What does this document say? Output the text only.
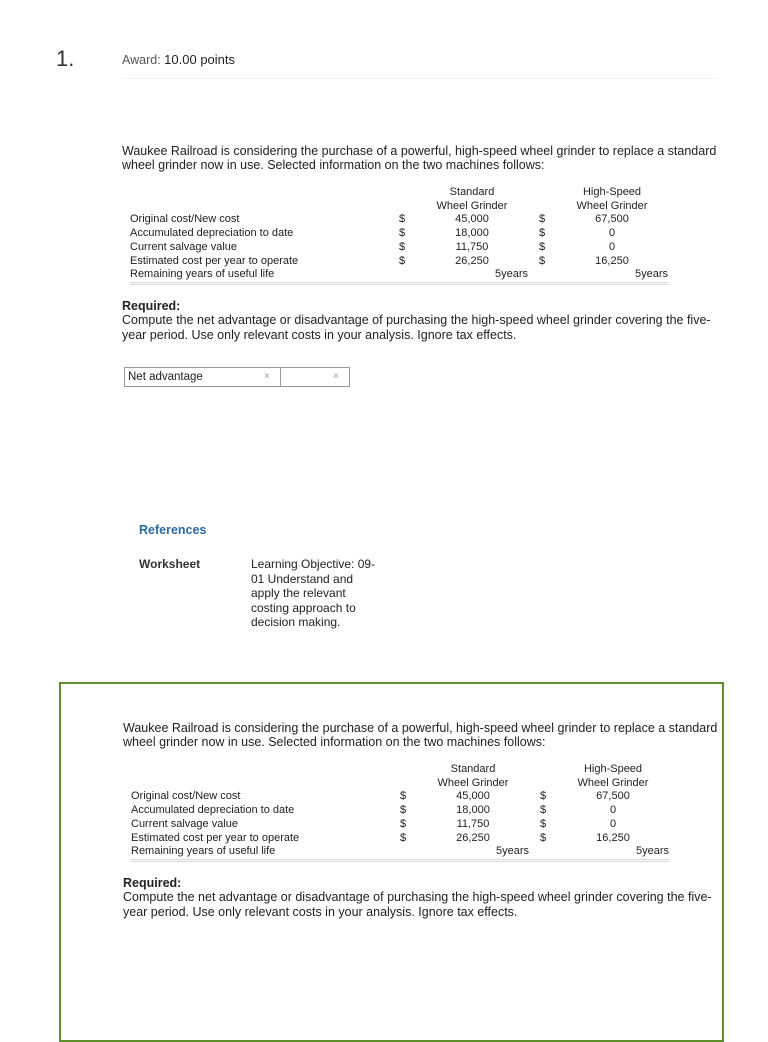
1.	Award: 10.00 points

Waukee Railroad is considering the purchase of a powerful, high-speed wheel grinder to replace a standard wheel grinder now in use. Selected information on the two machines follows:

		Standard		High-Speed
		Wheel Grinder		Wheel Grinder
Original cost/New cost	$	45,000	$	67,500
Accumulated depreciation to date	$	18,000	$	0
Current salvage value	$	11,750	$	0
Estimated cost per year to operate	$	26,250	$	16,250
Remaining years of useful life		5years		5years
Required:

Compute the net advantage or disadvantage of purchasing the high-speed wheel grinder covering the five-year period. Use only relevant costs in your analysis. Ignore tax effects.

Net advantage	×	×
References
Worksheet	Learning Objective: 09-01 Understand and apply the relevant costing approach to decision making.

Waukee Railroad is considering the purchase of a powerful, high-speed wheel grinder to replace a standard wheel grinder now in use. Selected information on the two machines follows:

		Standard		High-Speed
		Wheel Grinder		Wheel Grinder
Original cost/New cost	$	45,000	$	67,500
Accumulated depreciation to date	$	18,000	$	0
Current salvage value	$	11,750	$	0
Estimated cost per year to operate	$	26,250	$	16,250
Remaining years of useful life		5years		5years
Required:

Compute the net advantage or disadvantage of purchasing the high-speed wheel grinder covering the five-year period. Use only relevant costs in your analysis. Ignore tax effects.
